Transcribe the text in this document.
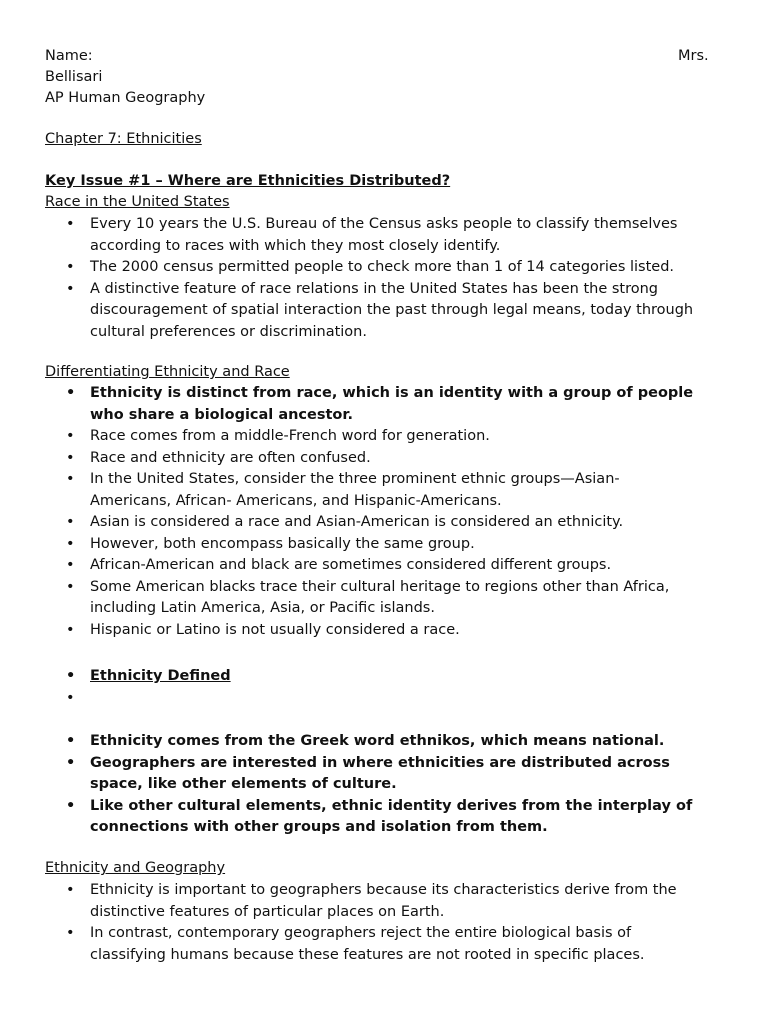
Name:	Mrs.
Bellisari
AP Human Geography
Chapter 7: Ethnicities
Key Issue #1 – Where are Ethnicities Distributed?
Race in the United States
• Every 10 years the U.S. Bureau of the Census asks people to classify themselves
according to races with which they most closely identify.
• The 2000 census permitted people to check more than 1 of 14 categories listed.
• A distinctive feature of race relations in the United States has been the strong
discouragement of spatial interaction the past through legal means, today through
cultural preferences or discrimination.
Differentiating Ethnicity and Race
• Ethnicity is distinct from race, which is an identity with a group of people
who share a biological ancestor.
• Race comes from a middle-French word for generation.
• Race and ethnicity are often confused.
• In the United States, consider the three prominent ethnic groups—Asian-
Americans, African- Americans, and Hispanic-Americans.
• Asian is considered a race and Asian-American is considered an ethnicity.
• However, both encompass basically the same group.
• African-American and black are sometimes considered different groups.
• Some American blacks trace their cultural heritage to regions other than Africa,
including Latin America, Asia, or Pacific islands.
• Hispanic or Latino is not usually considered a race.
• Ethnicity Defined
•
• Ethnicity comes from the Greek word ethnikos, which means national.
• Geographers are interested in where ethnicities are distributed across
space, like other elements of culture.
• Like other cultural elements, ethnic identity derives from the interplay of
connections with other groups and isolation from them.
Ethnicity and Geography
• Ethnicity is important to geographers because its characteristics derive from the
distinctive features of particular places on Earth.
• In contrast, contemporary geographers reject the entire biological basis of
classifying humans because these features are not rooted in specific places.
